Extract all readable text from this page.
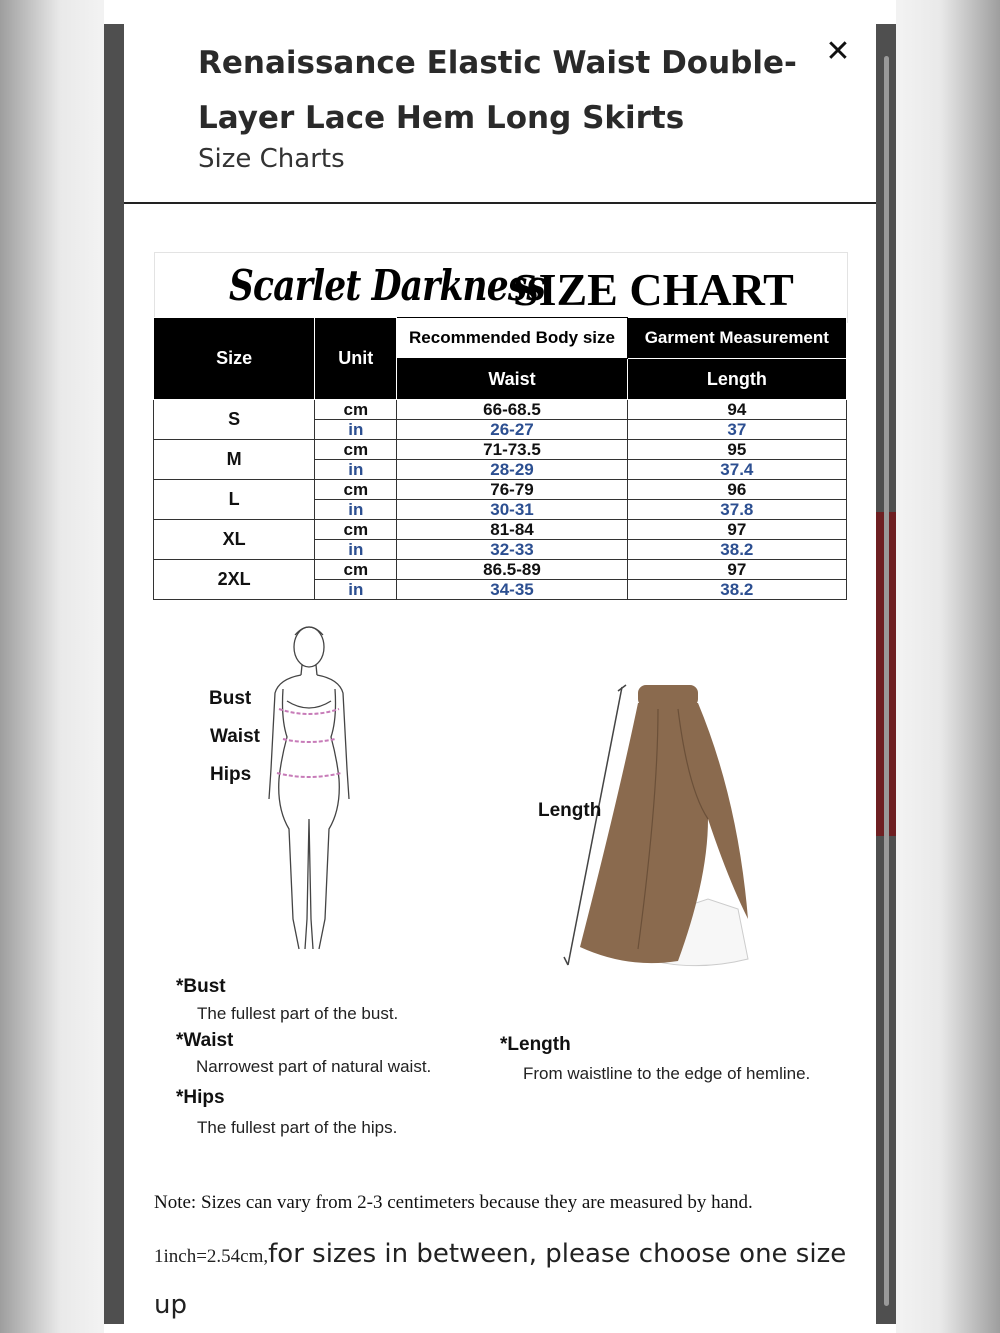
Renaissance Elastic Waist Double-Layer Lace Hem Long Skirts
Size Charts
✕
Scarlet Darkness
SIZE CHART
Size	Unit	Recommended Body size	Garment Measurement
		Waist	Length
S	cm	66-68.5	94
	in	26-27	37
M	cm	71-73.5	95
	in	28-29	37.4
L	cm	76-79	96
	in	30-31	37.8
XL	cm	81-84	97
	in	32-33	38.2
2XL	cm	86.5-89	97
	in	34-35	38.2
Bust
Waist
Hips
Length
*Bust
The fullest part of the bust.
*Waist
Narrowest part of natural waist.
*Hips
The fullest part of the hips.
*Length
From waistline to the edge of hemline.
Note: Sizes can vary from 2-3 centimeters because they are measured by hand.
1inch=2.54cm,for sizes in between, please choose one size up
